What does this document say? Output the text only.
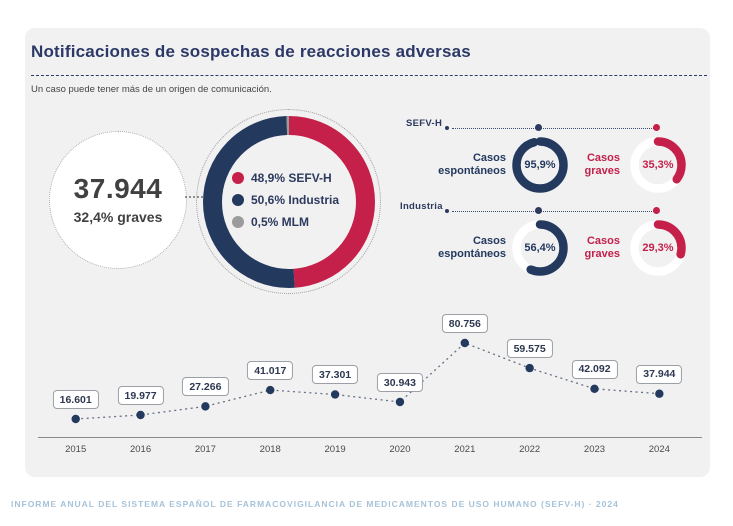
Notificaciones de sospechas de reacciones adversas

Un caso puede tener más de un origen de comunicación.

37.944
32,4% graves
48,9% SEFV-H
50,6% Industria
0,5% MLM

SEFV-H

Casos espontáneos	95,9%
Casos graves	35,3%

Industria

Casos espontáneos	56,4%
Casos graves	29,3%
16.601	19.977
27.266
41.017	37.301
30.943
80.756
59.575
42.092	37.944
2015	2016	2017	2018	2019	2020	2021	2022	2023	2024
INFORME ANUAL DEL SISTEMA ESPAÑOL DE FARMACOVIGILANCIA DE MEDICAMENTOS DE USO HUMANO (SEFV-H) · 2024
